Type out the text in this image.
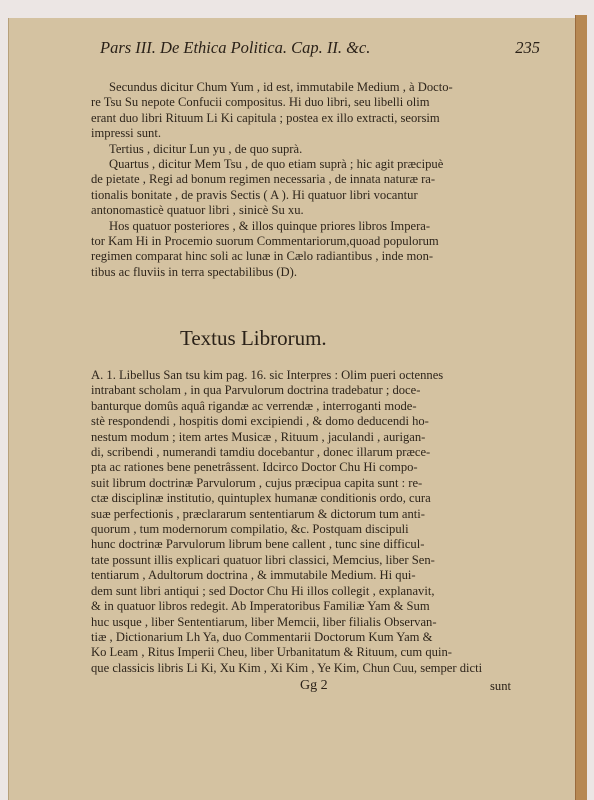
Pars III. De Ethica Politica. Cap. II. &c.	235
Secundus dicitur Chum Yum , id est, immutabile Medium , à Docto-
re Tsu Su nepote Confucii compositus. Hi duo libri, seu libelli olim
erant duo libri Rituum Li Ki capitula ; postea ex illo extracti, seorsim
impressi sunt.
Tertius , dicitur Lun yu , de quo suprà.
Quartus , dicitur Mem Tsu , de quo etiam suprà ; hic agit præcipuè
de pietate , Regi ad bonum regimen necessaria , de innata naturæ ra-
tionalis bonitate , de pravis Sectis ( A ). Hi quatuor libri vocantur
antonomasticè quatuor libri , sinicè Su xu.
Hos quatuor posteriores , & illos quinque priores libros Impera-
tor Kam Hi in Procemio suorum Commentariorum,quoad populorum
regimen comparat hinc soli ac lunæ in Cælo radiantibus , inde mon-
tibus ac fluviis in terra spectabilibus (D).
Textus Librorum.
A. 1. Libellus San tsu kim pag. 16. sic Interpres : Olim pueri octennes
intrabant scholam , in qua Parvulorum doctrina tradebatur ; doce-
banturque domûs aquâ rigandæ ac verrendæ , interroganti mode-
stè respondendi , hospitis domi excipiendi , & domo deducendi ho-
nestum modum ; item artes Musicæ , Rituum , jaculandi , aurigan-
di, scribendi , numerandi tamdiu docebantur , donec illarum præce-
pta ac rationes bene penetrâssent. Idcirco Doctor Chu Hi compo-
suit librum doctrinæ Parvulorum , cujus præcipua capita sunt : re-
ctæ disciplinæ institutio, quintuplex humanæ conditionis ordo, cura
suæ perfectionis , præclararum sententiarum & dictorum tum anti-
quorum , tum modernorum compilatio, &c. Postquam discipuli
hunc doctrinæ Parvulorum librum bene callent , tunc sine difficul-
tate possunt illis explicari quatuor libri classici, Memcius, liber Sen-
tentiarum , Adultorum doctrina , & immutabile Medium. Hi qui-
dem sunt libri antiqui ; sed Doctor Chu Hi illos collegit , explanavit,
& in quatuor libros redegit. Ab Imperatoribus Familiæ Yam & Sum
huc usque , liber Sententiarum, liber Memcii, liber filialis Observan-
tiæ , Dictionarium Lh Ya, duo Commentarii Doctorum Kum Yam &
Ko Leam , Ritus Imperii Cheu, liber Urbanitatum & Rituum, cum quin-
que classicis libris Li Ki, Xu Kim , Xi Kim , Ye Kim, Chun Cuu, semper dicti
Gg 2	sunt
